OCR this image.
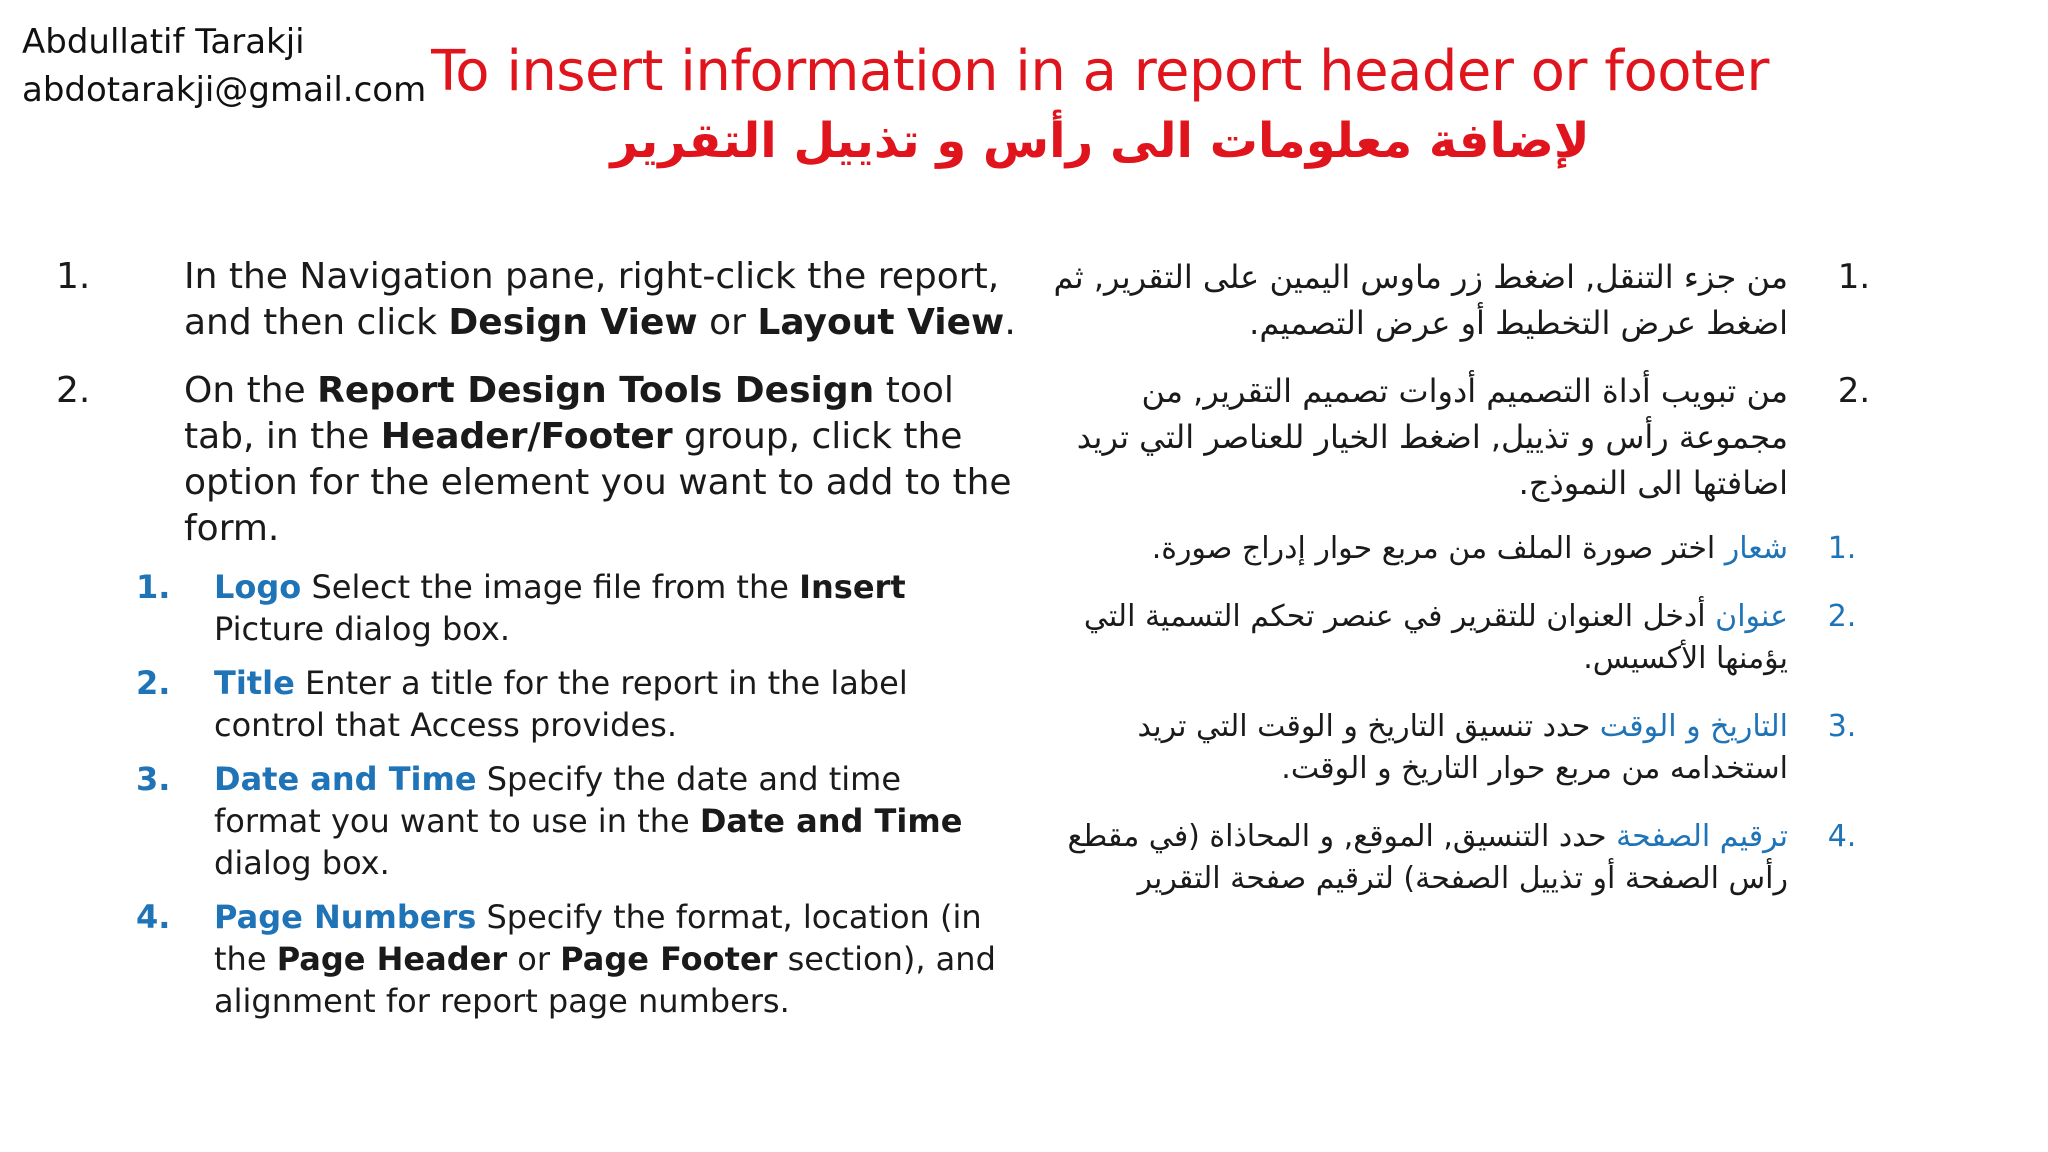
Abdullatif Tarakji
abdotarakji@gmail.com To insert information in a report header or footer
لإضافة معلومات الى رأس و تذييل التقرير
1.	In the Navigation pane, right-click the report, and then click Design View or Layout View.
2.	On the Report Design Tools Design tool tab, in the Header/Footer group, click the option for the element you want to add to the form.
1.	Logo Select the image file from the Insert Picture dialog box.
2.	Title Enter a title for the report in the label control that Access provides.
3.	Date and Time Specify the date and time format you want to use in the Date and Time dialog box.
4.	Page Numbers Specify the format, location (in the Page Header or Page Footer section), and alignment for report page numbers.
1.
من جزء التنقل, اضغط زر ماوس اليمين على التقرير, ثم اضغط عرض التخطيط أو عرض التصميم.
2.
من تبويب أداة التصميم أدوات تصميم التقرير, من مجموعة رأس و تذييل, اضغط الخيار للعناصر التي تريد اضافتها الى النموذج.
1.
شعار اختر صورة الملف من مربع حوار إدراج صورة.
2.
عنوان أدخل العنوان للتقرير في عنصر تحكم التسمية التي يؤمنها الأكسيس.
3.
التاريخ و الوقت حدد تنسيق التاريخ و الوقت التي تريد استخدامه من مربع حوار التاريخ و الوقت.
4.
ترقيم الصفحة حدد التنسيق, الموقع, و المحاذاة (في مقطع رأس الصفحة أو تذييل الصفحة) لترقيم صفحة التقرير
